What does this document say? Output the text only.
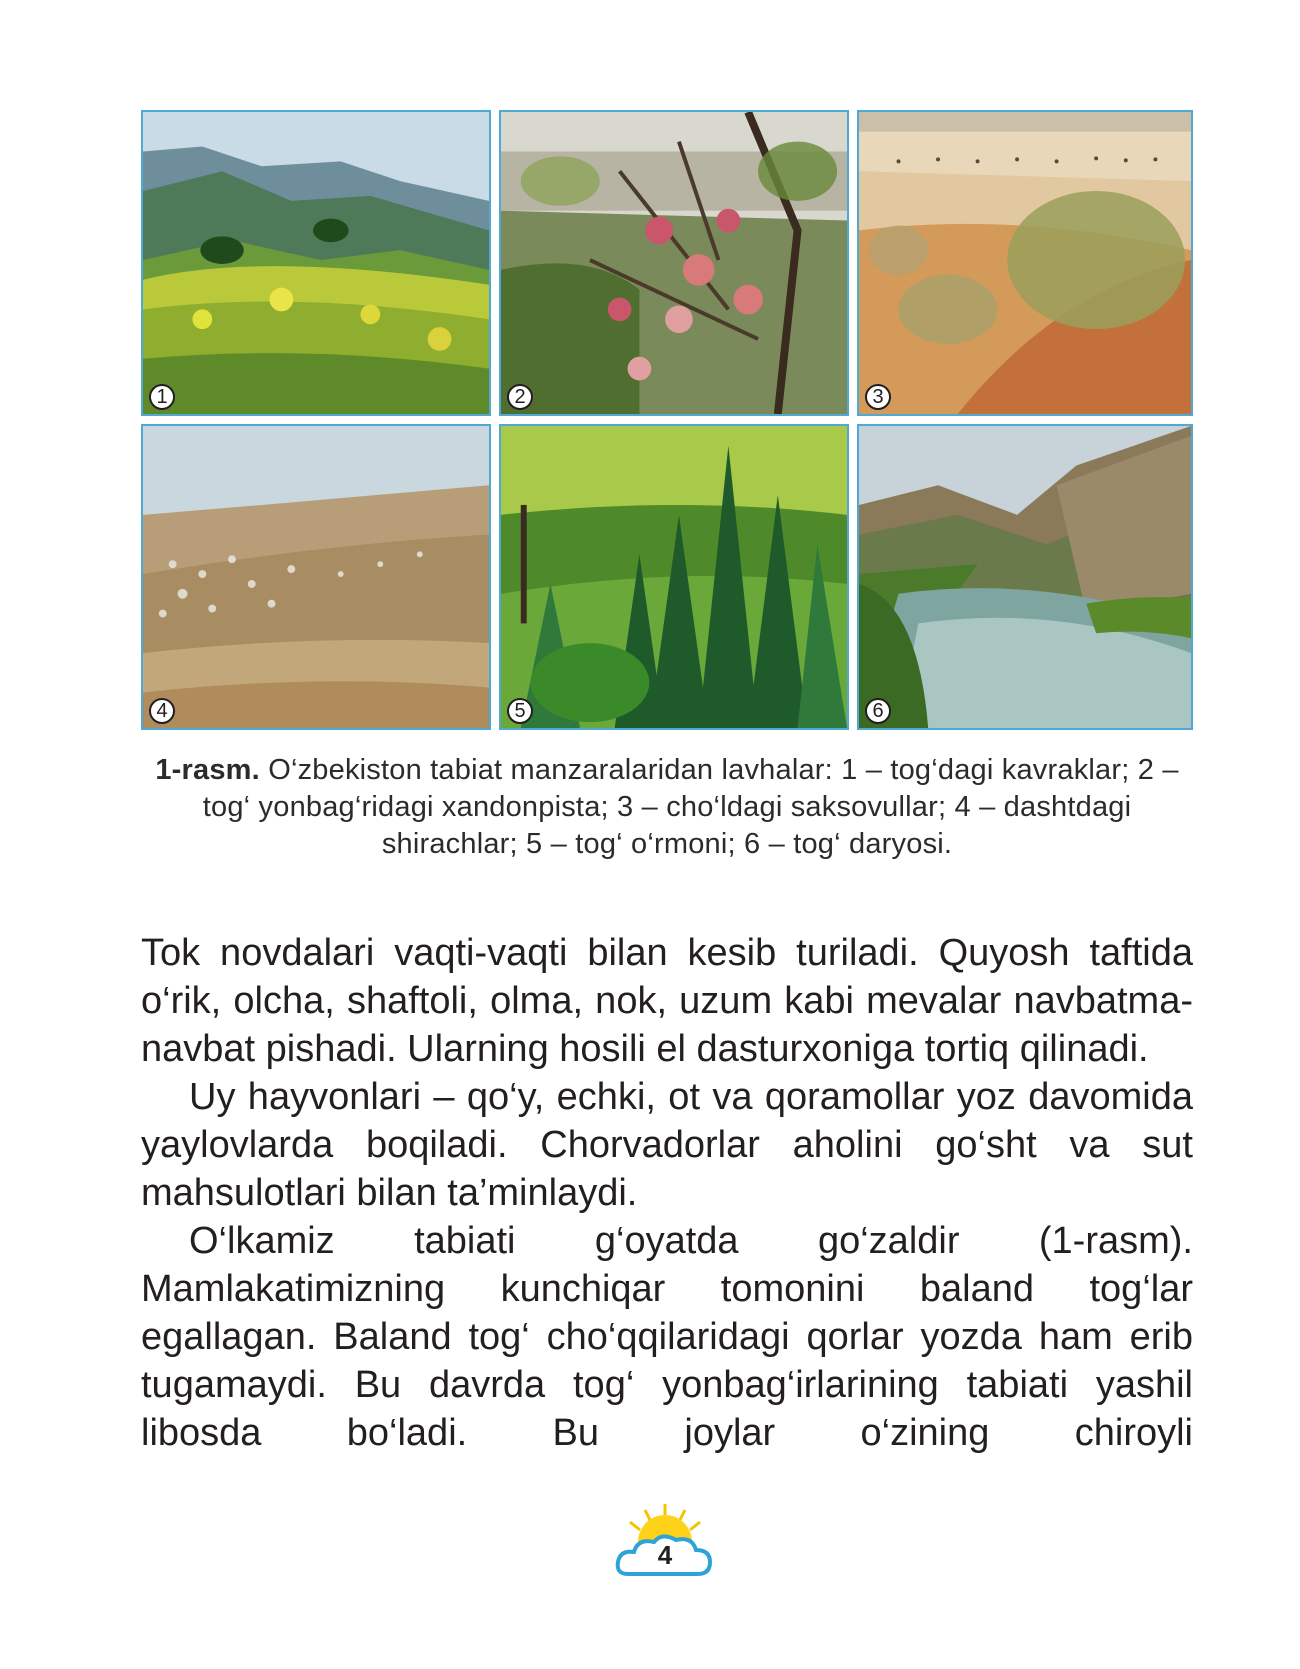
1	2	3
4	5	6
1-rasm. O‘zbekiston tabiat manzaralaridan lavhalar: 1 – tog‘dagi kavraklar; 2 – tog‘ yonbag‘ridagi xandonpista; 3 – cho‘ldagi saksovullar; 4 – dashtdagi shirachlar; 5 – tog‘ o‘rmoni; 6 – tog‘ daryosi.

Tok novdalari vaqti-vaqti bilan kesib turiladi. Quyosh taftida o‘rik, olcha, shaftoli, olma, nok, uzum kabi mevalar navbatma-navbat pishadi. Ularning hosili el dasturxoniga tortiq qilinadi.

Uy hayvonlari – qo‘y, echki, ot va qoramollar yoz davomida yaylovlarda boqiladi. Chorvadorlar aholini go‘sht va sut mahsulotlari bilan ta’minlaydi.

O‘lkamiz tabiati g‘oyatda go‘zaldir (1-rasm). Mamlakatimizning kunchiqar tomonini baland tog‘lar egallagan. Baland tog‘ cho‘qqilaridagi qorlar yozda ham erib tugamaydi. Bu davrda tog‘ yonbag‘irlarining tabiati yashil libosda bo‘ladi. Bu joylar o‘zining chiroyli

4
